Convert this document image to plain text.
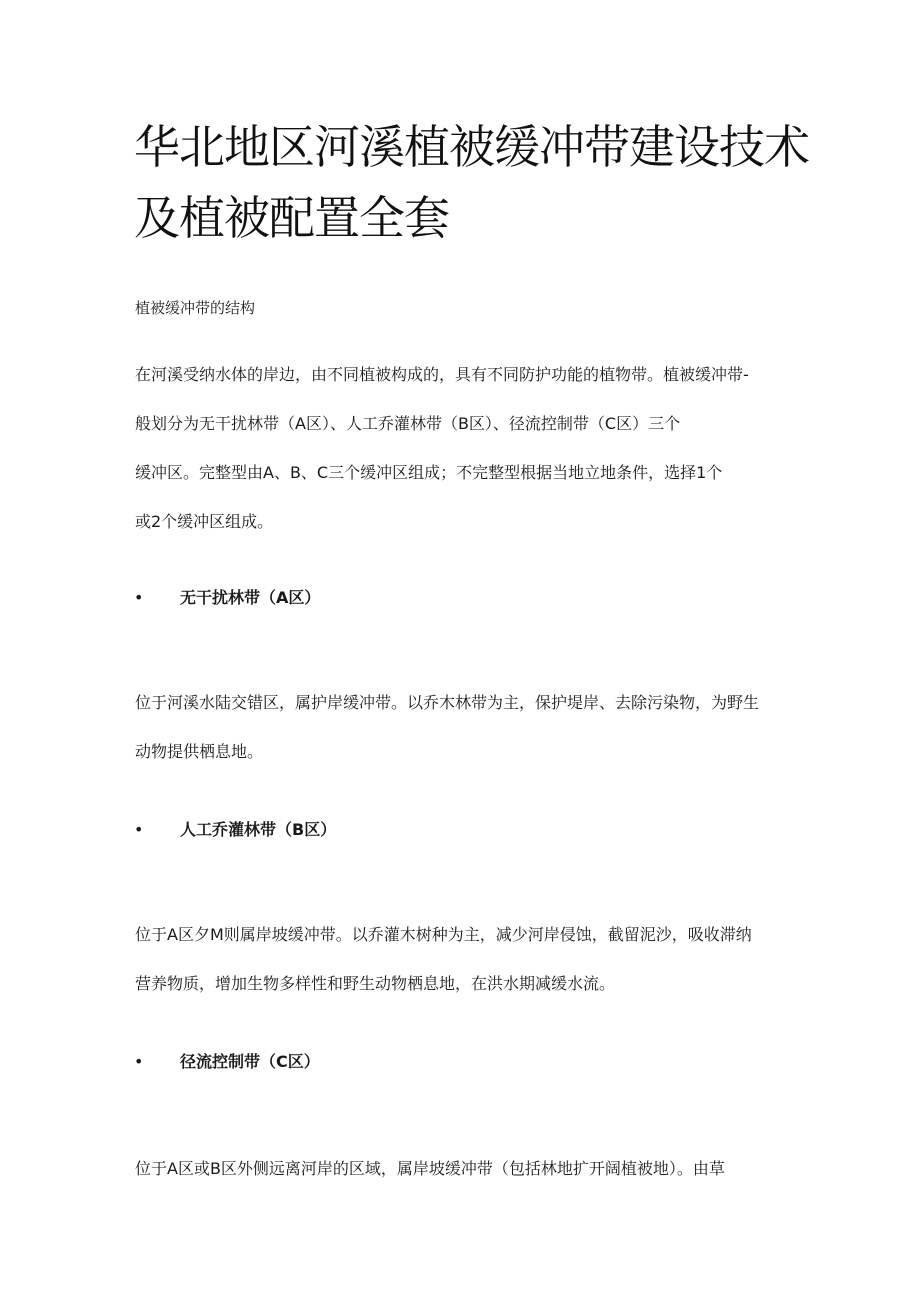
华北地区河溪植被缓冲带建设技术
及植被配置全套
植被缓冲带的结构
在河溪受纳水体的岸边，由不同植被构成的，具有不同防护功能的植物带。植被缓冲带-
般划分为无干扰林带（A区）、人工乔灌林带（B区）、径流控制带（C区）三个
缓冲区。完整型由A、B、C三个缓冲区组成；不完整型根据当地立地条件，选择1个
或2个缓冲区组成。
• 无干扰林带（A区）
位于河溪水陆交错区，属护岸缓冲带。以乔木林带为主，保护堤岸、去除污染物，为野生
动物提供栖息地。
• 人工乔灌林带（B区）
位于A区夕M则属岸坡缓冲带。以乔灌木树种为主，减少河岸侵蚀，截留泥沙，吸收滞纳
营养物质，增加生物多样性和野生动物栖息地，在洪水期减缓水流。
• 径流控制带（C区）
位于A区或B区外侧远离河岸的区域，属岸坡缓冲带（包括林地扩开阔植被地）。由草
